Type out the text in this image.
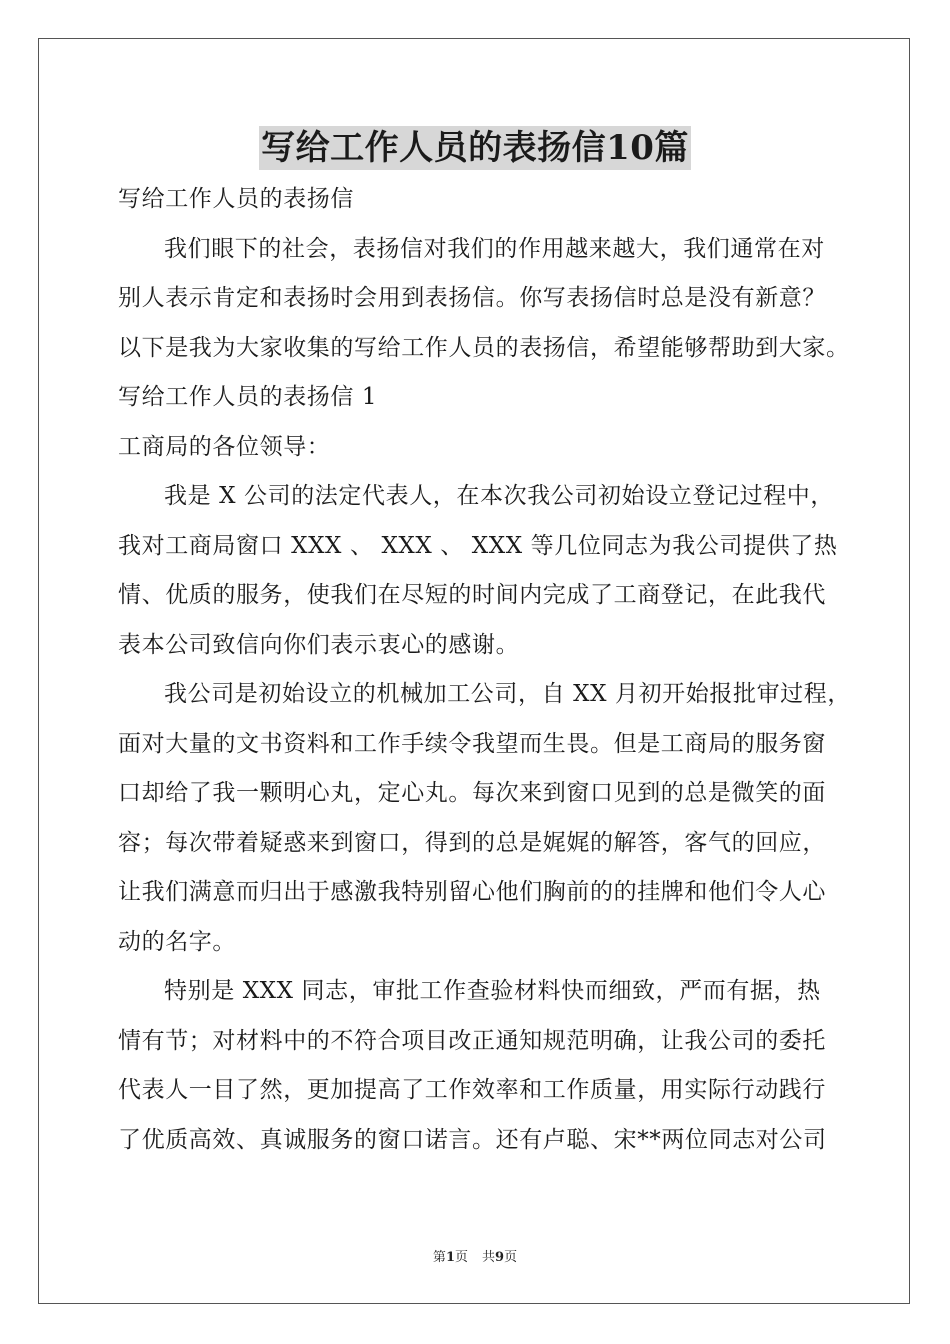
写给工作人员的表扬信10篇
写给工作人员的表扬信
我们眼下的社会，表扬信对我们的作用越来越大，我们通常在对
别人表示肯定和表扬时会用到表扬信。你写表扬信时总是没有新意？
以下是我为大家收集的写给工作人员的表扬信，希望能够帮助到大家。
写给工作人员的表扬信 1
工商局的各位领导：
我是 X 公司的法定代表人，在本次我公司初始设立登记过程中，
我对工商局窗口 XXX 、 XXX 、 XXX 等几位同志为我公司提供了热
情、优质的服务，使我们在尽短的时间内完成了工商登记，在此我代
表本公司致信向你们表示衷心的感谢。
我公司是初始设立的机械加工公司，自 XX 月初开始报批审过程，
面对大量的文书资料和工作手续令我望而生畏。但是工商局的服务窗
口却给了我一颗明心丸，定心丸。每次来到窗口见到的总是微笑的面
容；每次带着疑惑来到窗口，得到的总是娓娓的解答，客气的回应，
让我们满意而归出于感激我特别留心他们胸前的的挂牌和他们令人心
动的名字。
特别是 XXX 同志，审批工作查验材料快而细致，严而有据，热
情有节；对材料中的不符合项目改正通知规范明确，让我公司的委托
代表人一目了然，更加提高了工作效率和工作质量，用实际行动践行
了优质高效、真诚服务的窗口诺言。还有卢聪、宋**两位同志对公司
第1页 共9页
